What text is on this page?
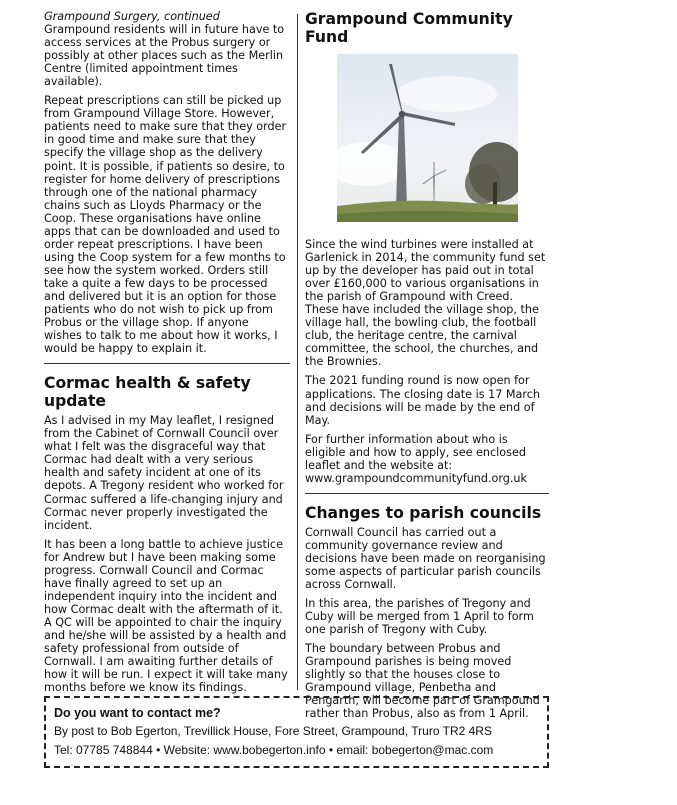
Grampound Surgery, continued

Grampound residents will in future have to access services at the Probus surgery or possibly at other places such as the Merlin Centre (limited appointment times available).

Repeat prescriptions can still be picked up from Grampound Village Store. However, patients need to make sure that they order in good time and make sure that they specify the village shop as the delivery point. It is possible, if patients so desire, to register for home delivery of prescriptions through one of the national pharmacy chains such as Lloyds Pharmacy or the Coop. These organisations have online apps that can be downloaded and used to order repeat prescriptions. I have been using the Coop system for a few months to see how the system worked. Orders still take a quite a few days to be processed and delivered but it is an option for those patients who do not wish to pick up from Probus or the village shop. If anyone wishes to talk to me about how it works, I would be happy to explain it.

Cormac health & safety update

As I advised in my May leaflet, I resigned from the Cabinet of Cornwall Council over what I felt was the disgraceful way that Cormac had dealt with a very serious health and safety incident at one of its depots. A Tregony resident who worked for Cormac suffered a life-changing injury and Cormac never properly investigated the incident.

It has been a long battle to achieve justice for Andrew but I have been making some progress. Cornwall Council and Cormac have finally agreed to set up an independent inquiry into the incident and how Cormac dealt with the aftermath of it. A QC will be appointed to chair the inquiry and he/she will be assisted by a health and safety professional from outside of Cornwall. I am awaiting further details of how it will be run. I expect it will take many months before we know its findings.

Grampound Community Fund

Since the wind turbines were installed at Garlenick in 2014, the community fund set up by the developer has paid out in total over £160,000 to various organisations in the parish of Grampound with Creed. These have included the village shop, the village hall, the bowling club, the football club, the heritage centre, the carnival committee, the school, the churches, and the Brownies.

The 2021 funding round is now open for applications. The closing date is 17 March and decisions will be made by the end of May.

For further information about who is eligible and how to apply, see enclosed leaflet and the website at:

www.grampoundcommunityfund.org.uk

Changes to parish councils

Cornwall Council has carried out a community governance review and decisions have been made on reorganising some aspects of particular parish councils across Cornwall.

In this area, the parishes of Tregony and Cuby will be merged from 1 April to form one parish of Tregony with Cuby.

The boundary between Probus and Grampound parishes is being moved slightly so that the houses close to Grampound village, Penbetha and Pengarth, will become part of Grampound rather than Probus, also as from 1 April.

Do you want to contact me?

By post to Bob Egerton, Trevillick House, Fore Street, Grampound, Truro TR2 4RS

Tel: 07785 748844 • Website: www.bobegerton.info • email: bobegerton@mac.com
